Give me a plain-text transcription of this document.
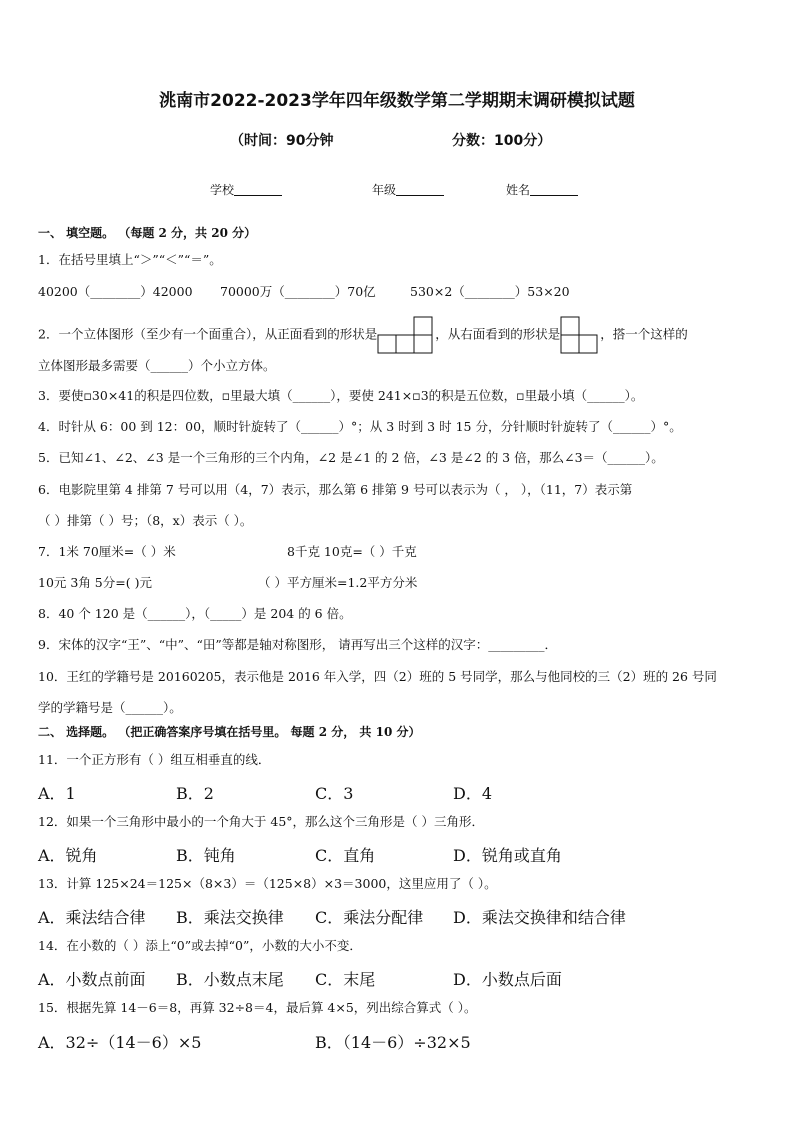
洮南市2022-2023学年四年级数学第二学期期末调研模拟试题
（时间：90分钟	分数：100分）
学校	年级	姓名
一、 填空题。 （每题 2 分，共 20 分）
1．在括号里填上“＞”“＜”“＝”。
40200（________）42000 70000万（________）70亿	530×2（________）53×20
2．一个立体图形（至少有一个面重合），从正面看到的形状是	，从右面看到的形状是	，搭一个这样的
立体图形最多需要（______）个小立方体。
3．要使▫30×41的积是四位数，▫里最大填（______），要使 241×▫3的积是五位数，▫里最小填（______）。
4．时针从 6：00 到 12：00，顺时针旋转了（______）°；从 3 时到 3 时 15 分，分针顺时针旋转了（______）°。
5．已知∠1、∠2、∠3 是一个三角形的三个内角，∠2 是∠1 的 2 倍，∠3 是∠2 的 3 倍，那么∠3＝（______）。
6．电影院里第 4 排第 7 号可以用（4，7）表示，那么第 6 排第 9 号可以表示为（ ， ），（11，7）表示第
（ ）排第（ ）号；（8，x）表示（ ）。
7．1米 70厘米=（ ）米	8千克 10克=（ ）千克
10元 3角 5分=( )元	（ ）平方厘米=1.2平方分米
8．40 个 120 是（______），（_____）是 204 的 6 倍。
9．宋体的汉字“王”、“中”、“田”等都是轴对称图形， 请再写出三个这样的汉字：_________．
10．王红的学籍号是 20160205，表示他是 2016 年入学，四（2）班的 5 号同学，那么与他同校的三（2）班的 26 号同
学的学籍号是（______）。
二、 选择题。 （把正确答案序号填在括号里。 每题 2 分， 共 10 分）
11．一个正方形有（ ）组互相垂直的线．
A．1	B．2	C．3	D．4
12．如果一个三角形中最小的一个角大于 45°，那么这个三角形是（ ）三角形．
A．锐角	B．钝角	C．直角	D．锐角或直角
13．计算 125×24＝125×（8×3）＝（125×8）×3＝3000，这里应用了（ ）。
A．乘法结合律 B．乘法交换律 C．乘法分配律 D．乘法交换律和结合律
14．在小数的（ ）添上“0”或去掉“0”，小数的大小不变．
A．小数点前面 B．小数点末尾 C．末尾	D．小数点后面
15．根据先算 14－6＝8，再算 32÷8＝4，最后算 4×5，列出综合算式（ ）。
A．32÷（14－6）×5	B．（14－6）÷32×5
